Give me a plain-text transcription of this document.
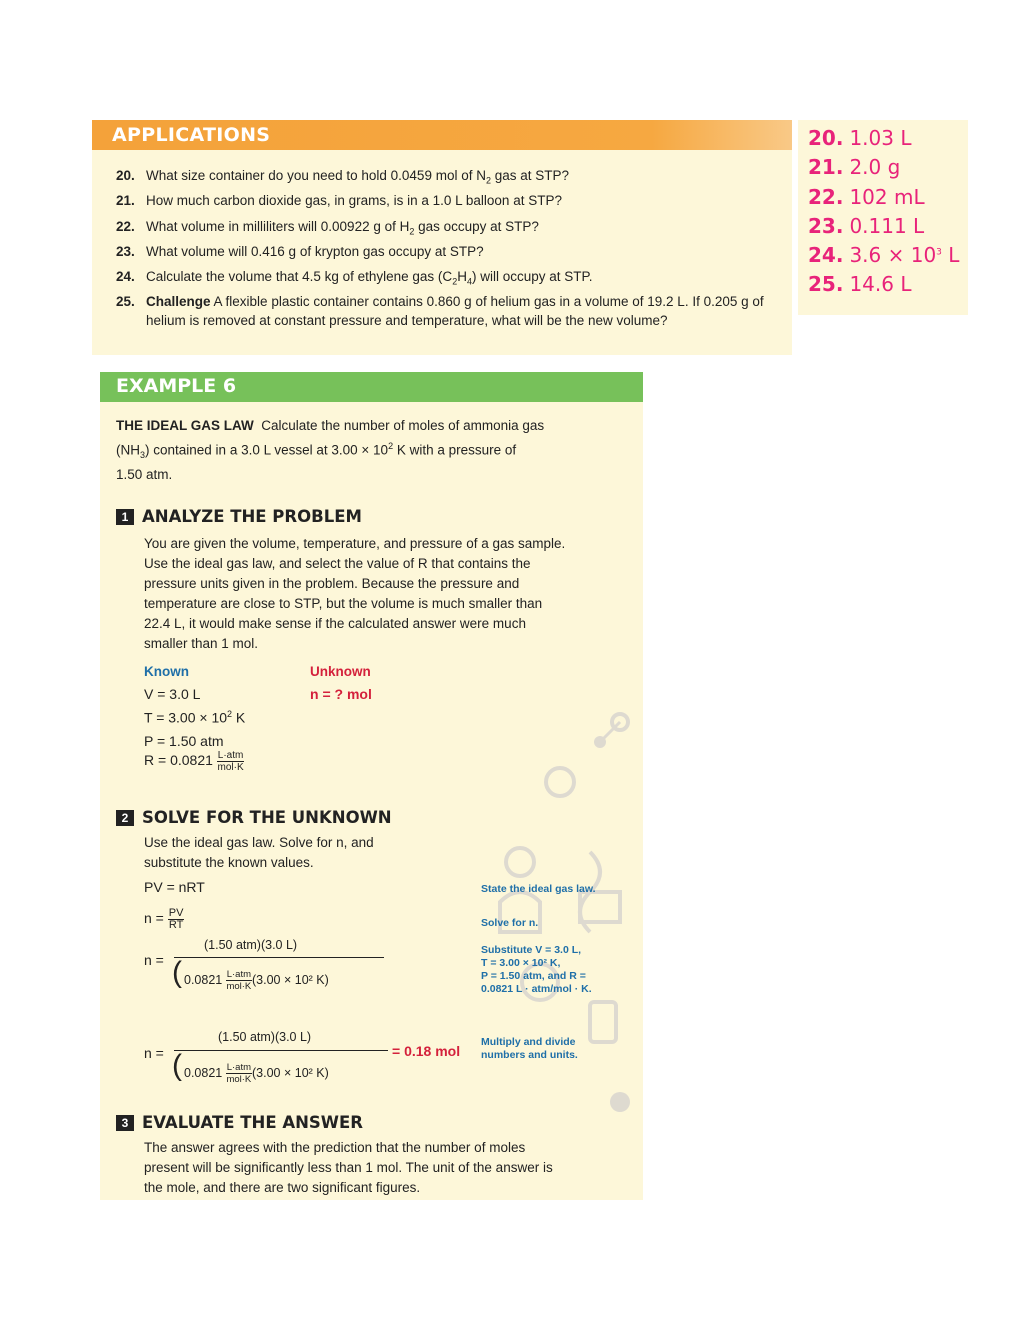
APPLICATIONS
20. What size container do you need to hold 0.0459 mol of $N_2$ gas at STP?
21. How much carbon dioxide gas, in grams, is in a 1.0 L balloon at STP?
22. What volume in milliliters will 0.00922 g of $H_2$ gas occupy at STP?
23. What volume will 0.416 g of krypton gas occupy at STP?
24. Calculate the volume that 4.5 kg of ethylene gas $(C_2H_4)$ will occupy at STP.
25. Challenge A flexible plastic container contains 0.860 g of helium gas in a volume of 19.2 L. If 0.205 g of helium is removed at constant pressure and temperature, what will be the new volume?
20. 1.03 L
21. 2.0 g
22. 102 mL
23. 0.111 L
24. $3.6 \times 10^3$ L
25. 14.6 L
EXAMPLE 6
THE IDEAL GAS LAW Calculate the number of moles of ammonia gas
$(NH_3)$ contained in a 3.0 L vessel at $3.00 \times 10^2$ K with a pressure of
1.50 atm.
1 ANALYZE THE PROBLEM
You are given the volume, temperature, and pressure of a gas sample.
Use the ideal gas law, and select the value of R that contains the
pressure units given in the problem. Because the pressure and
temperature are close to STP, but the volume is much smaller than
22.4 L, it would make sense if the calculated answer were much
smaller than 1 mol.
Known	Unknown
V = 3.0 L	n = ? mol
$T = 3.00 \times 10^2$ K
P = 1.50 atm
$R = 0.0821 \frac{\text{L·atm}}{\text{mol·K}}$
2 SOLVE FOR THE UNKNOWN
Use the ideal gas law. Solve for n, and
substitute the known values.
PV = nRT	State the ideal gas law.
$n = \frac{PV}{RT}$	Solve for n.
n =
(1.50 atm)(3.0 L)
( $0.0821 \frac{\text{L·atm}}{\text{mol·K}} (3.00 \times 10^2$ K)
Substitute V = 3.0 L,
T = 3.00 × 10² K,
P = 1.50 atm, and R =
0.0821 L · atm/mol · K.
n =
(1.50 atm)(3.0 L)
( $0.0821 \frac{\text{L·atm}}{\text{mol·K}} (3.00 \times 10^2$ K)
= 0.18 mol
Multiply and divide
numbers and units.
3 EVALUATE THE ANSWER
The answer agrees with the prediction that the number of moles
present will be significantly less than 1 mol. The unit of the answer is
the mole, and there are two significant figures.
